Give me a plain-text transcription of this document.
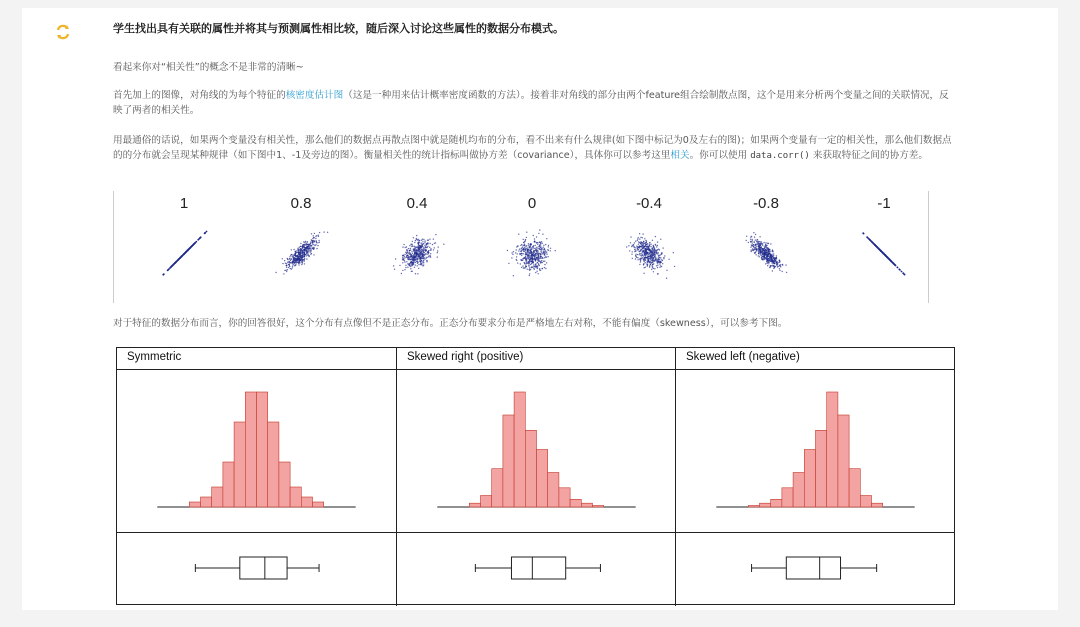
学生找出具有关联的属性并将其与预测属性相比较，随后深入讨论这些属性的数据分布模式。
看起来你对“相关性”的概念不是非常的清晰~
首先加上的图像，对角线的为每个特征的核密度估计图（这是一种用来估计概率密度函数的方法）。接着非对角线的部分由两个feature组合绘制散点图，这个是用来分析两个变量之间的关联情况，反映了两者的相关性。
用最通俗的话说，如果两个变量没有相关性，那么他们的数据点再散点图中就是随机均布的分布，看不出来有什么规律(如下图中标记为0及左右的图)；如果两个变量有一定的相关性，那么他们数据点的的分布就会呈现某种规律（如下图中1、-1及旁边的图）。衡量相关性的统计指标叫做协方差（covariance），具体你可以参考这里相关。你可以使用 data.corr() 来获取特征之间的协方差。
1	0.8	0.4	0	-0.4	-0.8	-1
对于特征的数据分布而言，你的回答很好，这个分布有点像但不是正态分布。正态分布要求分布是严格地左右对称，不能有偏度（skewness），可以参考下图。
Symmetric	Skewed right (positive)	Skewed left (negative)
